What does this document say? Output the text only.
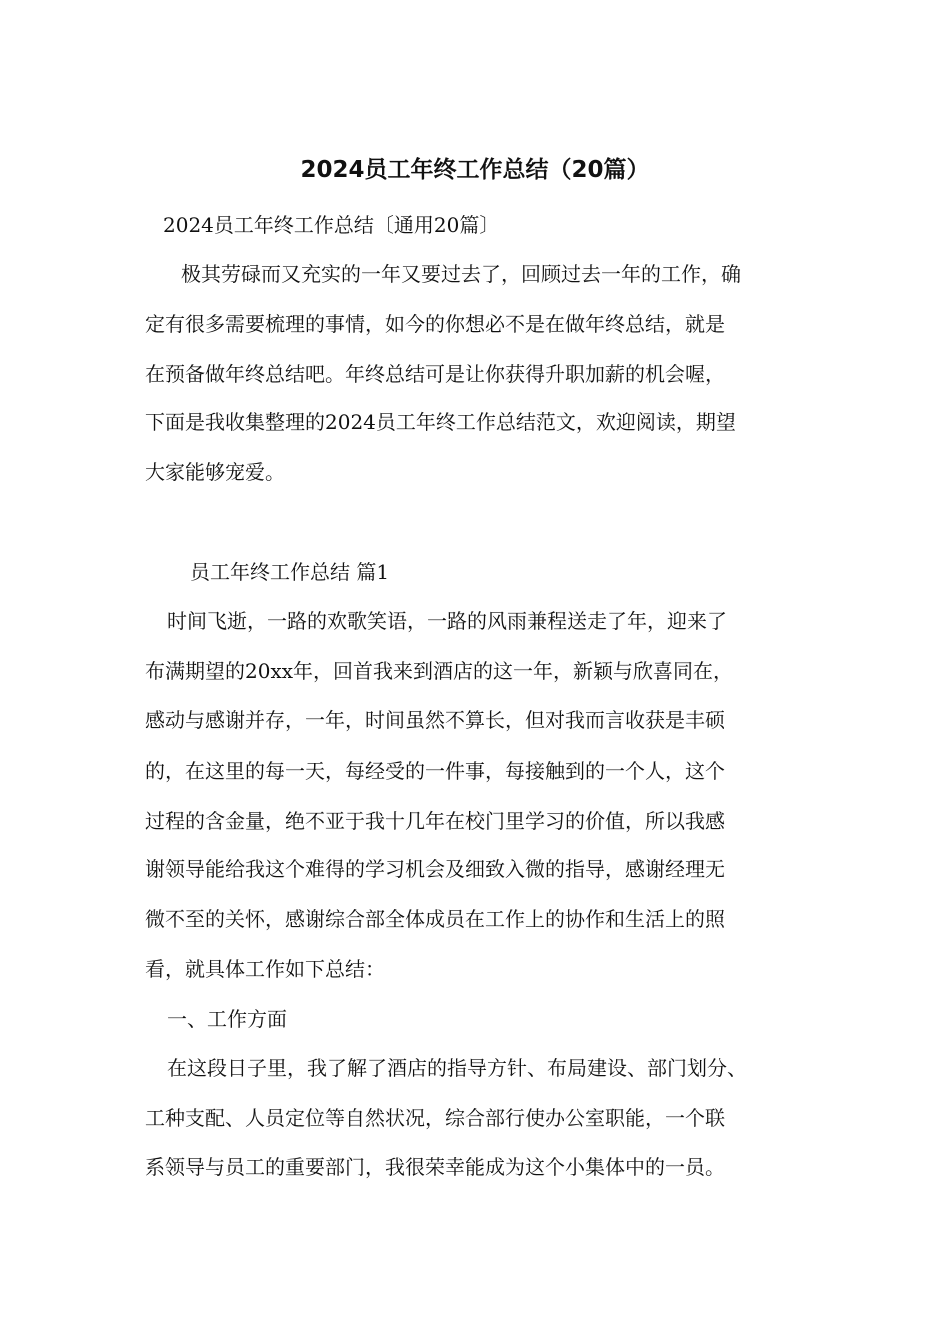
2024员工年终工作总结（20篇）

2024员工年终工作总结〔通用20篇〕

极其劳碌而又充实的一年又要过去了，回顾过去一年的工作，确

定有很多需要梳理的事情，如今的你想必不是在做年终总结，就是

在预备做年终总结吧。年终总结可是让你获得升职加薪的机会喔，

下面是我收集整理的2024员工年终工作总结范文，欢迎阅读，期望

大家能够宠爱。

员工年终工作总结 篇1

时间飞逝，一路的欢歌笑语，一路的风雨兼程送走了年，迎来了

布满期望的20xx年，回首我来到酒店的这一年，新颖与欣喜同在，

感动与感谢并存，一年，时间虽然不算长，但对我而言收获是丰硕

的，在这里的每一天，每经受的一件事，每接触到的一个人，这个

过程的含金量，绝不亚于我十几年在校门里学习的价值，所以我感

谢领导能给我这个难得的学习机会及细致入微的指导，感谢经理无

微不至的关怀，感谢综合部全体成员在工作上的协作和生活上的照

看，就具体工作如下总结：

一、工作方面

在这段日子里，我了解了酒店的指导方针、布局建设、部门划分、

工种支配、人员定位等自然状况，综合部行使办公室职能，一个联

系领导与员工的重要部门，我很荣幸能成为这个小集体中的一员。
